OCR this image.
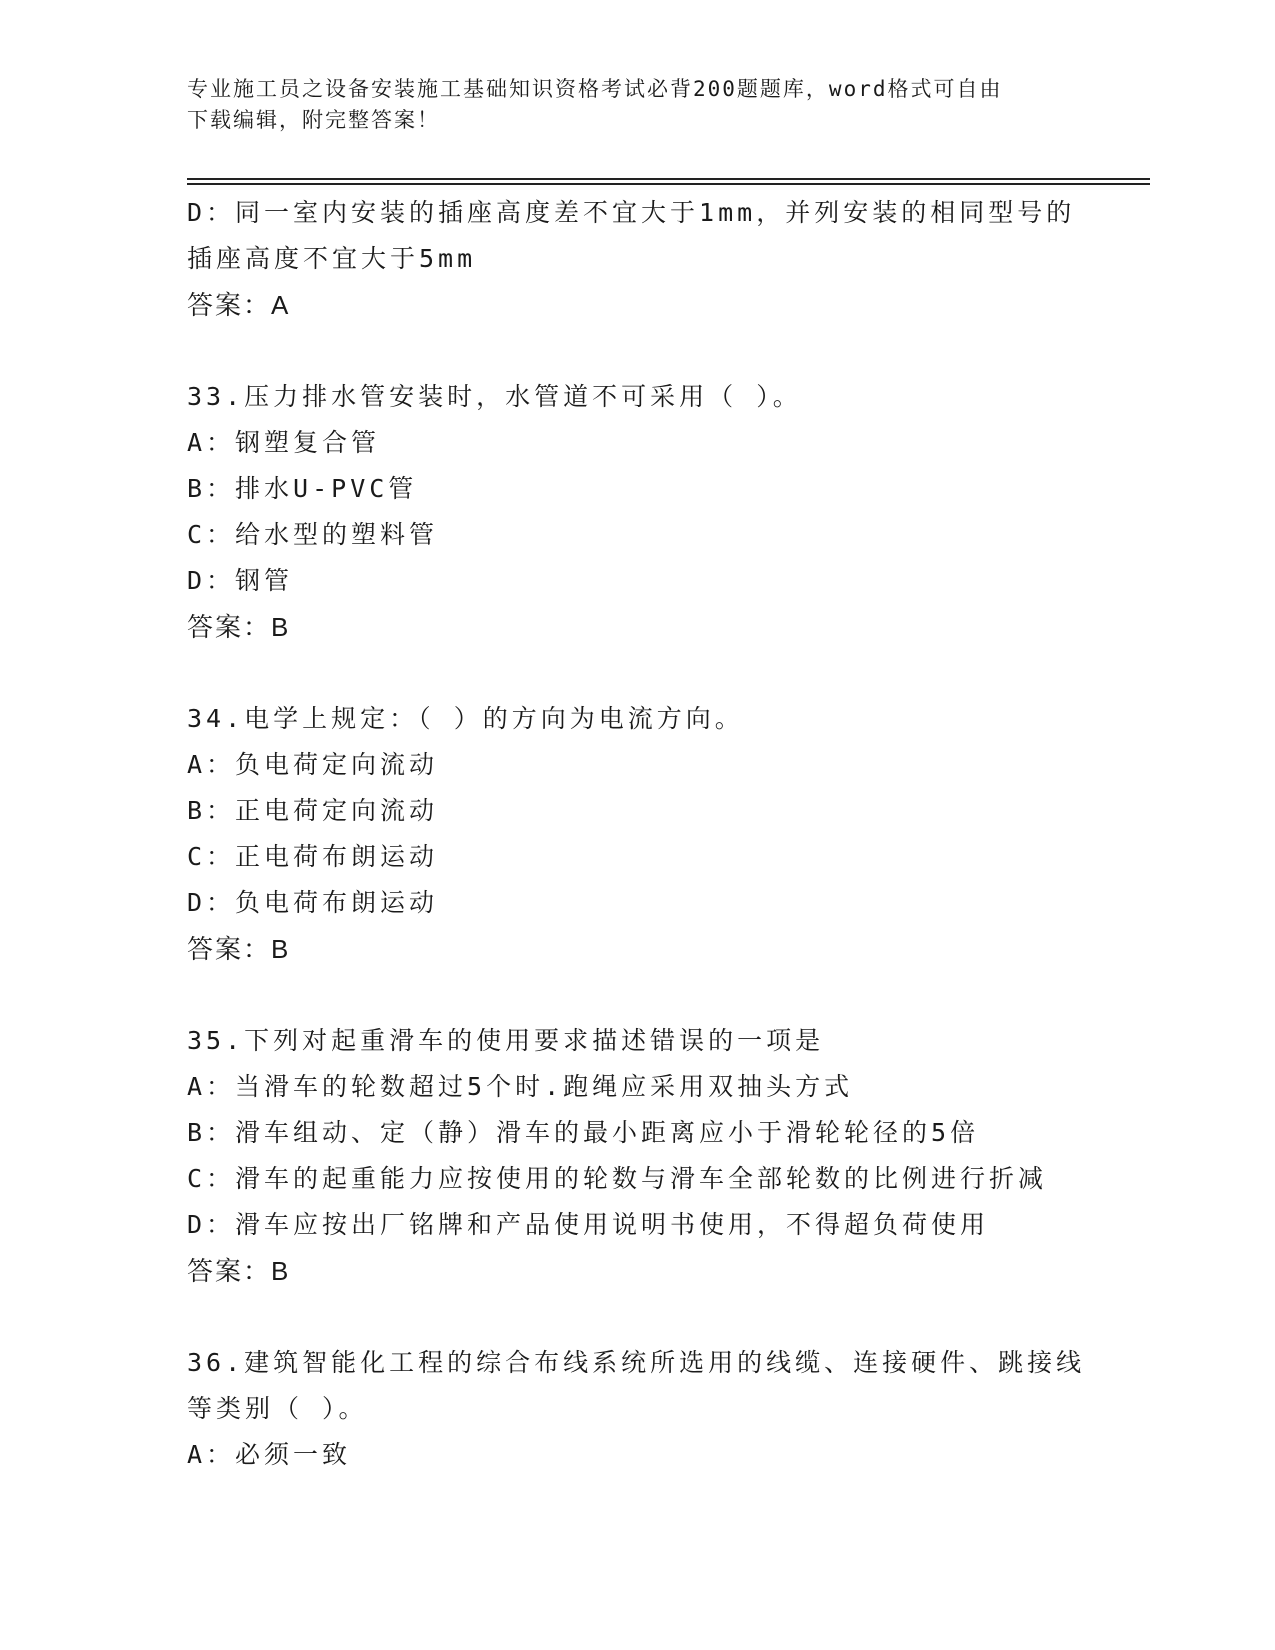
专业施工员之设备安装施工基础知识资格考试必背200题题库，word格式可自由
下载编辑，附完整答案！
D：同一室内安装的插座高度差不宜大于1mm，并列安装的相同型号的
插座高度不宜大于5mm
答案：A
33.压力排水管安装时，水管道不可采用（ ）。
A：钢塑复合管
B：排水U-PVC管
C：给水型的塑料管
D：钢管
答案：B
34.电学上规定：（ ）的方向为电流方向。
A：负电荷定向流动
B：正电荷定向流动
C：正电荷布朗运动
D：负电荷布朗运动
答案：B
35.下列对起重滑车的使用要求描述错误的一项是
A：当滑车的轮数超过5个时.跑绳应采用双抽头方式
B：滑车组动、定（静）滑车的最小距离应小于滑轮轮径的5倍
C：滑车的起重能力应按使用的轮数与滑车全部轮数的比例进行折减
D：滑车应按出厂铭牌和产品使用说明书使用，不得超负荷使用
答案：B
36.建筑智能化工程的综合布线系统所选用的线缆、连接硬件、跳接线
等类别（ ）。
A：必须一致
